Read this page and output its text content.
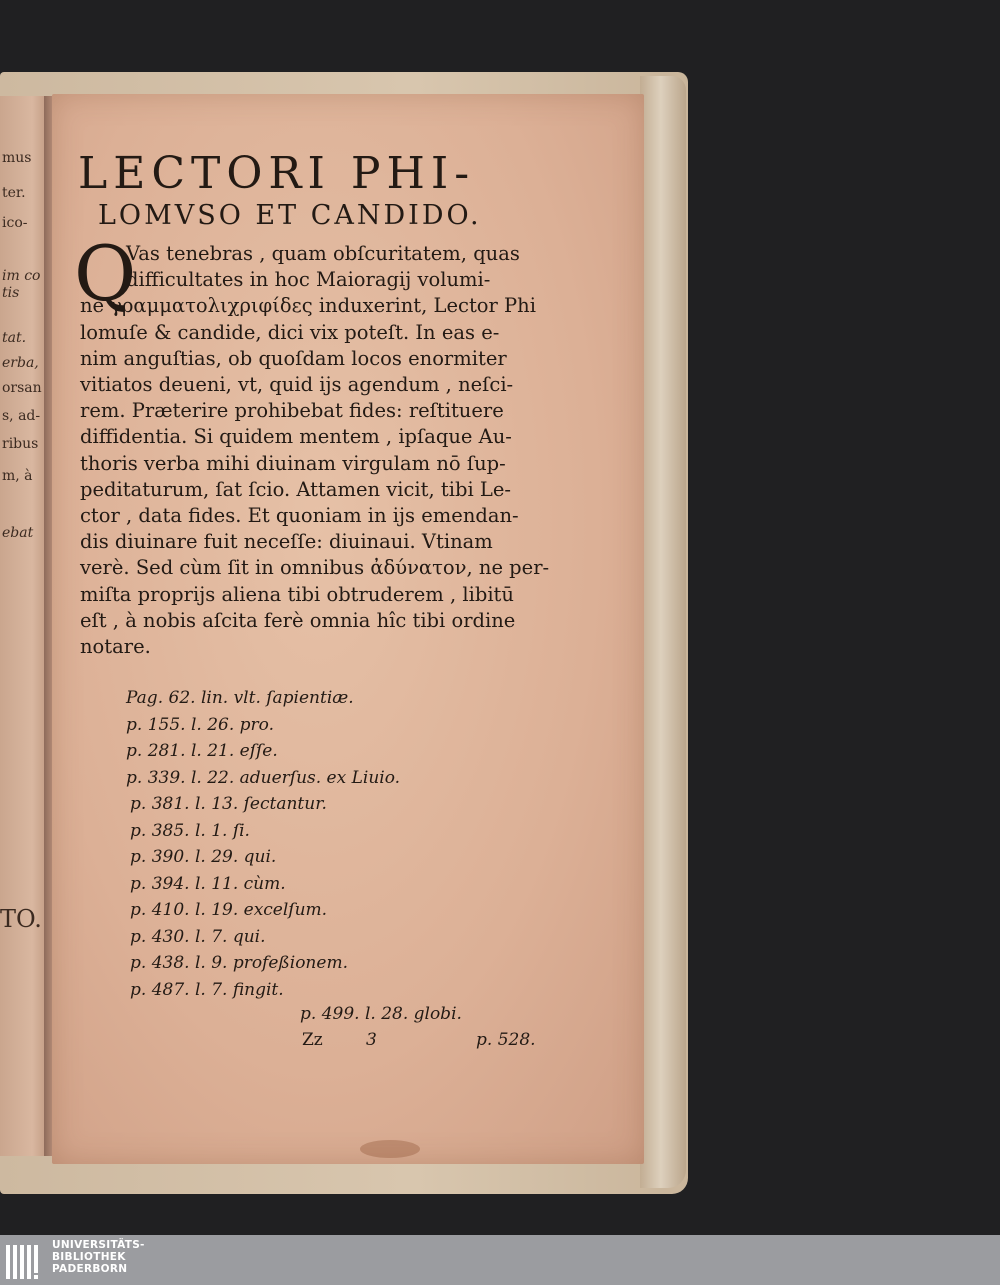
mus
ter.
ico-
im co
tis
tat.
erba,
orsan
s, ad-
ribus
m, à
ebat
TO.
LECTORI PHI-
LOMVSO ET CANDIDO.
Q
Vas tenebras , quam obſcuritatem, quas
difficultates in hoc Maioragij volumi-
ne γραμματολιχριφίδες induxerint, Lector Phi
lomuſe & candide, dici vix poteſt. In eas e-
nim anguſtias, ob quoſdam locos enormiter
vitiatos deueni, vt, quid ijs agendum , neſci-
rem. Præterire prohibebat fides: reſtituere
diffidentia. Si quidem mentem , ipſaque Au-
thoris verba mihi diuinam virgulam nō ſup-
peditaturum, ſat ſcio. Attamen vicit, tibi Le-
ctor , data fides. Et quoniam in ijs emendan-
dis diuinare fuit neceſſe: diuinaui. Vtinam
verè. Sed cùm ſit in omnibus ἀδύνατον, ne per-
miſta proprijs aliena tibi obtruderem , libitū
eſt , à nobis aſcita ferè omnia hîc tibi ordine
notare.
Pag. 62. lin. vlt. ſapientiæ.
p. 155. l. 26. pro.
p. 281. l. 21. eſſe.
p. 339. l. 22. aduerſus. ex Liuio.
p. 381. l. 13. ſectantur.
p. 385. l. 1. ſi.
p. 390. l. 29. qui.
p. 394. l. 11. cùm.
p. 410. l. 19. excelſum.
p. 430. l. 7. qui.
p. 438. l. 9. profeßionem.
p. 487. l. 7. fingit.
p. 499. l. 28. globi.
Zz	3	p. 528.
UNIVERSITÄTS-
BIBLIOTHEK
PADERBORN
